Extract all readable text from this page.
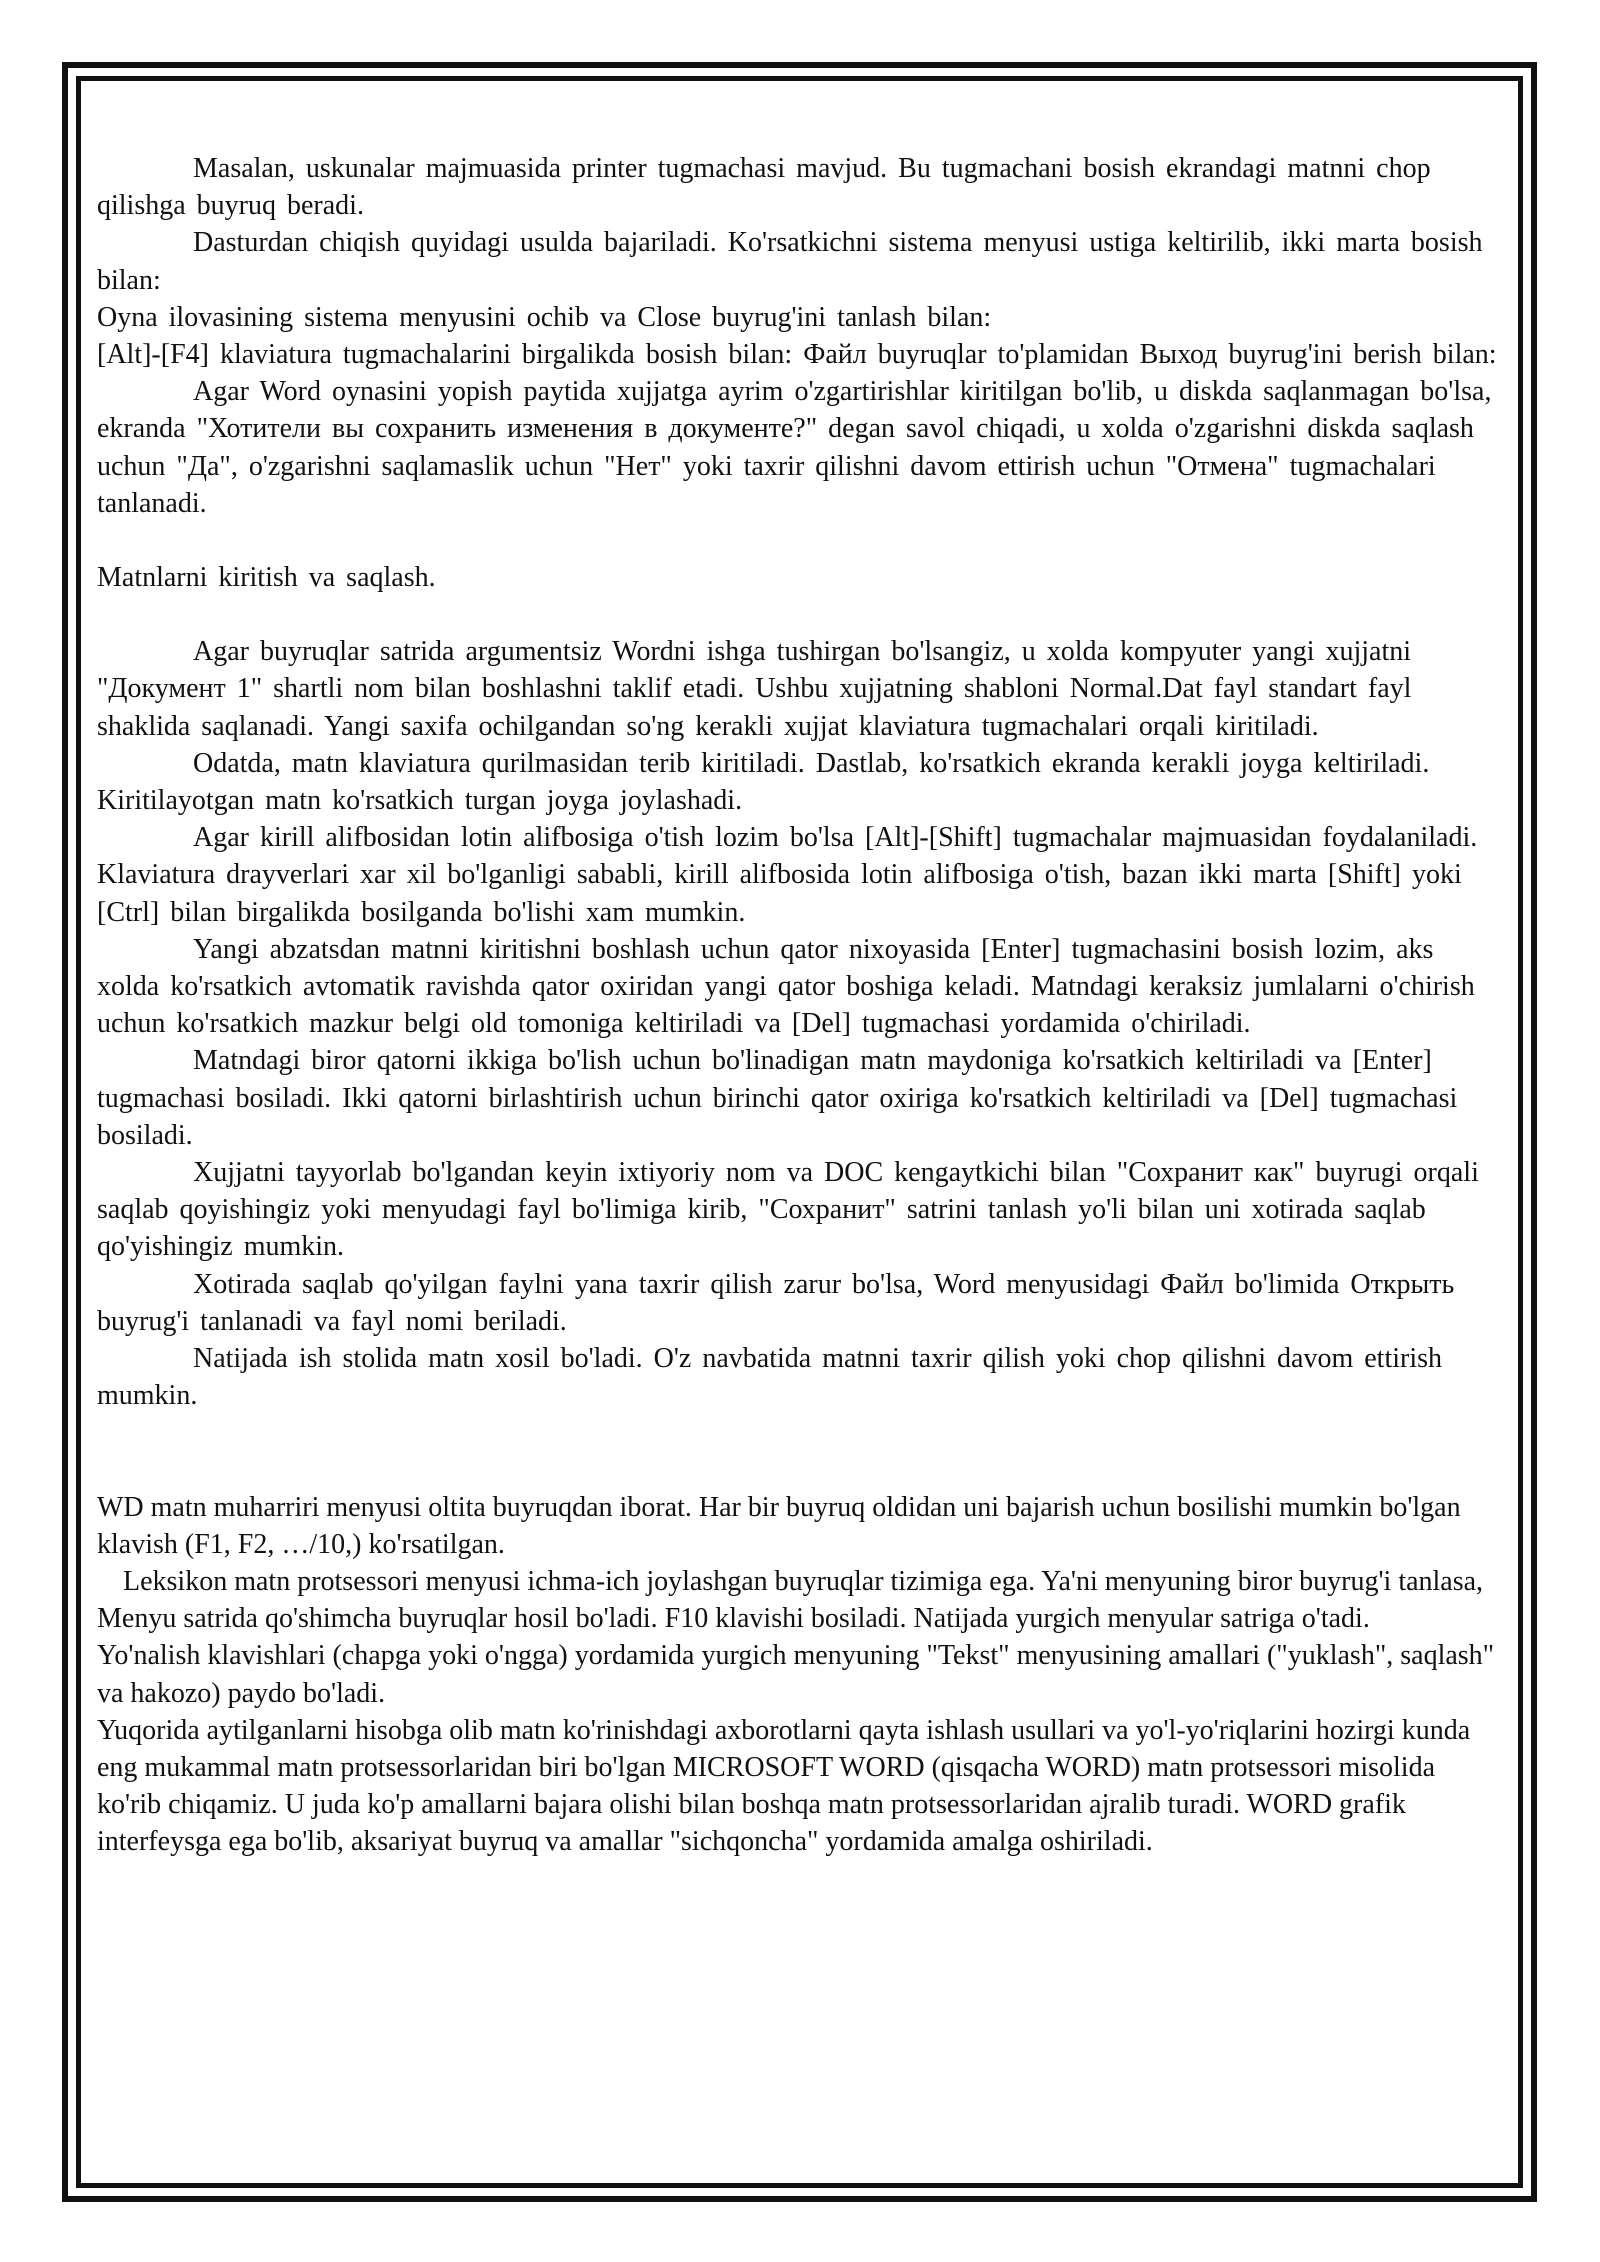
Masalan, uskunalar majmuasida printer tugmachasi mavjud. Bu tugmachani bosish ekrandagi matnni chop qilishga buyruq beradi.

Dasturdan chiqish quyidagi usulda bajariladi. Ko'rsatkichni sistema menyusi ustiga keltirilib, ikki marta bosish bilan:

Oyna ilovasining sistema menyusini ochib va Close buyrug'ini tanlash bilan:

[Alt]-[F4] klaviatura tugmachalarini birgalikda bosish bilan: Файл buyruqlar to'plamidan Выход buyrug'ini berish bilan:

Agar Word oynasini yopish paytida xujjatga ayrim o'zgartirishlar kiritilgan bo'lib, u diskda saqlanmagan bo'lsa, ekranda "Хотители вы сохранить изменения в документе?" degan savol chiqadi, u xolda o'zgarishni diskda saqlash uchun "Да", o'zgarishni saqlamaslik uchun "Нет" yoki taxrir qilishni davom ettirish uchun "Отмена" tugmachalari tanlanadi.

Matnlarni kiritish va saqlash.

Agar buyruqlar satrida argumentsiz Wordni ishga tushirgan bo'lsangiz, u xolda kompyuter yangi xujjatni "Документ 1" shartli nom bilan boshlashni taklif etadi. Ushbu xujjatning shabloni Normal.Dat fayl standart fayl shaklida saqlanadi. Yangi saxifa ochilgandan so'ng kerakli xujjat klaviatura tugmachalari orqali kiritiladi.

Odatda, matn klaviatura qurilmasidan terib kiritiladi. Dastlab, ko'rsatkich ekranda kerakli joyga keltiriladi. Kiritilayotgan matn ko'rsatkich turgan joyga joylashadi.

Agar kirill alifbosidan lotin alifbosiga o'tish lozim bo'lsa [Alt]-[Shift] tugmachalar majmuasidan foydalaniladi. Klaviatura drayverlari xar xil bo'lganligi sababli, kirill alifbosida lotin alifbosiga o'tish, bazan ikki marta [Shift] yoki [Ctrl] bilan birgalikda bosilganda bo'lishi xam mumkin.

Yangi abzatsdan matnni kiritishni boshlash uchun qator nixoyasida [Enter] tugmachasini bosish lozim, aks xolda ko'rsatkich avtomatik ravishda qator oxiridan yangi qator boshiga keladi. Matndagi keraksiz jumlalarni o'chirish uchun ko'rsatkich mazkur belgi old tomoniga keltiriladi va [Del] tugmachasi yordamida o'chiriladi.

Matndagi biror qatorni ikkiga bo'lish uchun bo'linadigan matn maydoniga ko'rsatkich keltiriladi va [Enter] tugmachasi bosiladi. Ikki qatorni birlashtirish uchun birinchi qator oxiriga ko'rsatkich keltiriladi va [Del] tugmachasi bosiladi.

Xujjatni tayyorlab bo'lgandan keyin ixtiyoriy nom va DOC kengaytkichi bilan "Сохранит как" buyrugi orqali saqlab qoyishingiz yoki menyudagi fayl bo'limiga kirib, "Сохранит" satrini tanlash yo'li bilan uni xotirada saqlab qo'yishingiz mumkin.

Xotirada saqlab qo'yilgan faylni yana taxrir qilish zarur bo'lsa, Word menyusidagi Файл bo'limida Открыть buyrug'i tanlanadi va fayl nomi beriladi.

Natijada ish stolida matn xosil bo'ladi. O'z navbatida matnni taxrir qilish yoki chop qilishni davom ettirish mumkin.

WD matn muharriri menyusi oltita buyruqdan iborat. Har bir buyruq oldidan uni bajarish uchun bosilishi mumkin bo'lgan klavish (F1, F2, …/10,) ko'rsatilgan.

Leksikon matn protsessori menyusi ichma-ich joylashgan buyruqlar tizimiga ega. Ya'ni menyuning biror buyrug'i tanlasa, Menyu satrida qo'shimcha buyruqlar hosil bo'ladi. F10 klavishi bosiladi. Natijada yurgich menyular satriga o'tadi.

Yo'nalish klavishlari (chapga yoki o'ngga) yordamida yurgich menyuning "Tekst" menyusining amallari ("yuklash", saqlash" va hakozo) paydo bo'ladi.

Yuqorida aytilganlarni hisobga olib matn ko'rinishdagi axborotlarni qayta ishlash usullari va yo'l-yo'riqlarini hozirgi kunda eng mukammal matn protsessorlaridan biri bo'lgan MICROSOFT WORD (qisqacha WORD) matn protsessori misolida ko'rib chiqamiz. U juda ko'p amallarni bajara olishi bilan boshqa matn protsessorlaridan ajralib turadi. WORD grafik interfeysga ega bo'lib, aksariyat buyruq va amallar "sichqoncha" yordamida amalga oshiriladi.
